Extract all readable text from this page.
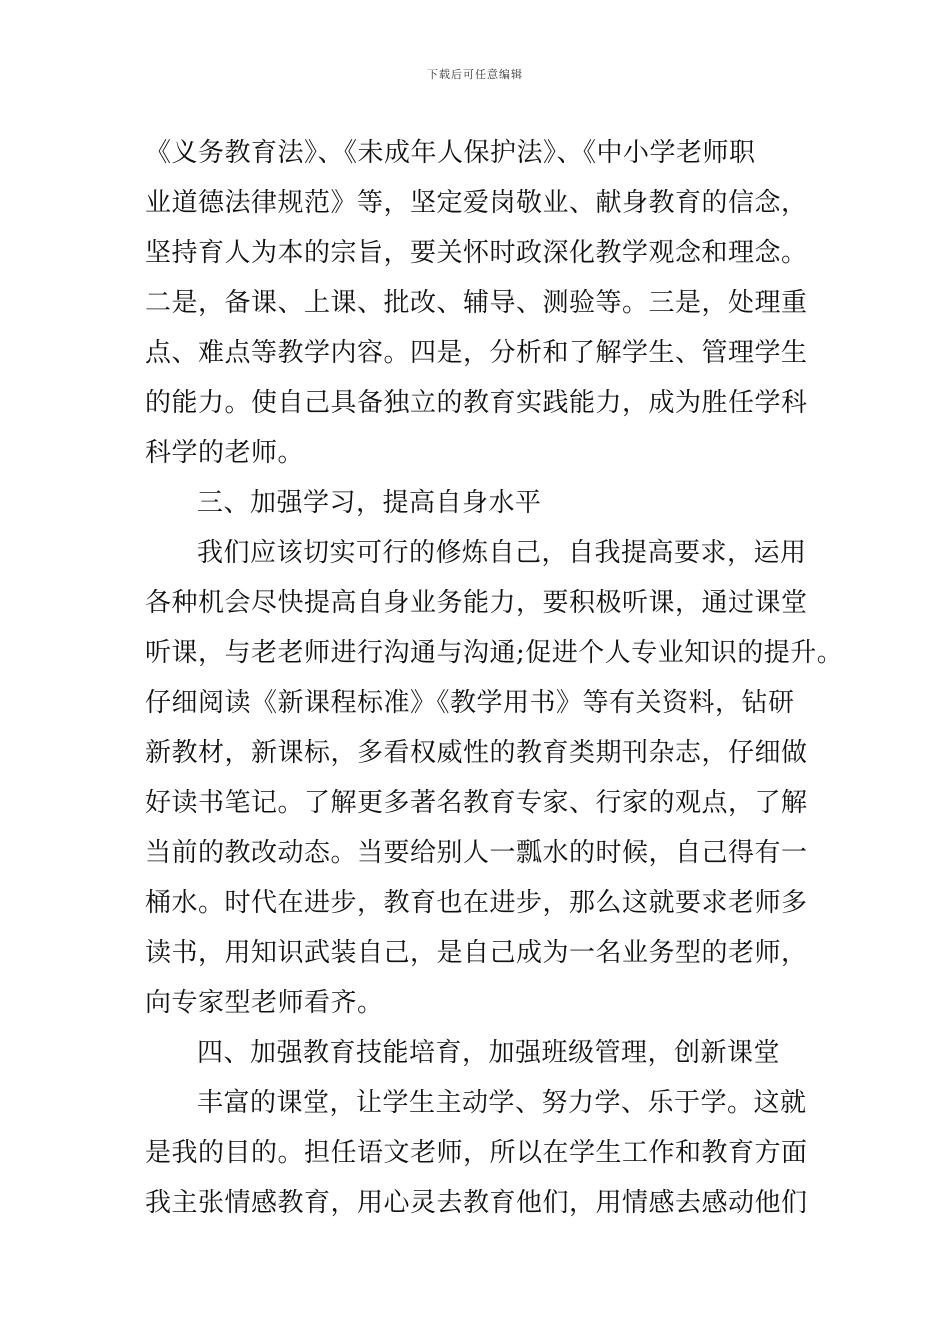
下载后可任意编辑
《义务教育法》、《未成年人保护法》、《中小学老师职
业道德法律规范》等，坚定爱岗敬业、献身教育的信念，
坚持育人为本的宗旨，要关怀时政深化教学观念和理念。
二是，备课、上课、批改、辅导、测验等。三是，处理重
点、难点等教学内容。四是，分析和了解学生、管理学生
的能力。使自己具备独立的教育实践能力，成为胜任学科
科学的老师。
三、加强学习，提高自身水平
我们应该切实可行的修炼自己，自我提高要求，运用
各种机会尽快提高自身业务能力，要积极听课，通过课堂
听课，与老老师进行沟通与沟通;促进个人专业知识的提升。
仔细阅读《新课程标准》《教学用书》等有关资料，钻研
新教材，新课标，多看权威性的教育类期刊杂志，仔细做
好读书笔记。了解更多著名教育专家、行家的观点，了解
当前的教改动态。当要给别人一瓢水的时候，自己得有一
桶水。时代在进步，教育也在进步，那么这就要求老师多
读书，用知识武装自己，是自己成为一名业务型的老师，
向专家型老师看齐。
四、加强教育技能培育，加强班级管理，创新课堂
丰富的课堂，让学生主动学、努力学、乐于学。这就
是我的目的。担任语文老师，所以在学生工作和教育方面
我主张情感教育，用心灵去教育他们，用情感去感动他们
